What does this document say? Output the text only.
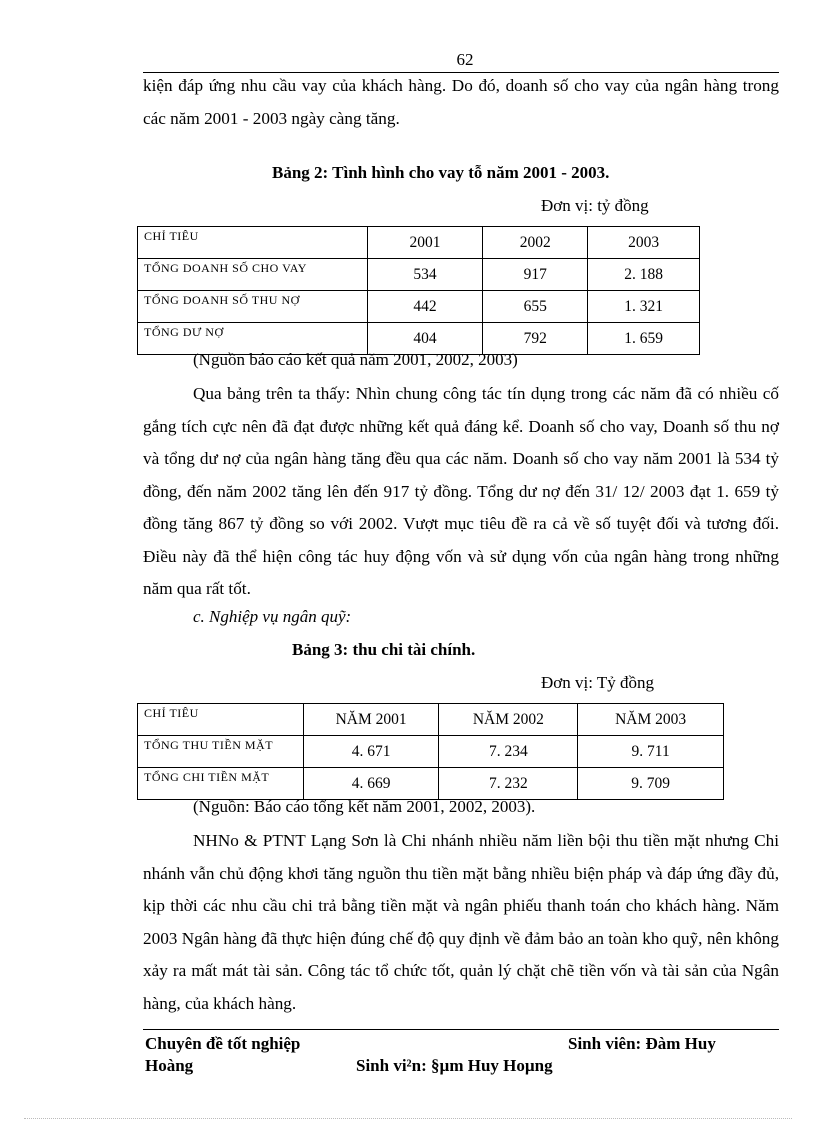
62

kiện đáp ứng nhu cầu vay của khách hàng. Do đó, doanh số cho vay của ngân hàng trong các năm 2001 - 2003 ngày càng tăng.

Bảng 2: Tình hình cho vay tỗ năm 2001 - 2003.
Đơn vị: tỷ đồng
CHỈ TIÊU	2001	2002	2003
TỔNG DOANH SỐ CHO VAY	534	917	2. 188
TỔNG DOANH SỐ THU NỢ	442	655	1. 321
TỔNG DƯ NỢ	404	792	1. 659
(Nguồn báo cáo kết quả năm 2001, 2002, 2003)
Qua bảng trên ta thấy: Nhìn chung công tác tín dụng trong các năm đã có nhiều cố gắng tích cực nên đã đạt được những kết quả đáng kể. Doanh số cho vay, Doanh số thu nợ và tổng dư nợ của ngân hàng tăng đều qua các năm. Doanh số cho vay năm 2001 là 534 tỷ đồng, đến năm 2002 tăng lên đến 917 tỷ đồng. Tổng dư nợ đến 31/ 12/ 2003 đạt 1. 659 tỷ đồng tăng 867 tỷ đồng so với 2002. Vượt mục tiêu đề ra cả về số tuyệt đối và tương đối. Điều này đã thể hiện công tác huy động vốn và sử dụng vốn của ngân hàng trong những năm qua rất tốt.
c. Nghiệp vụ ngân quỹ:
Bảng 3: thu chi tài chính.
Đơn vị: Tỷ đồng
CHỈ TIÊU	NĂM 2001	NĂM 2002	NĂM 2003
TỔNG THU TIỀN MẶT	4. 671	7. 234	9. 711
TỔNG CHI TIỀN MẶT	4. 669	7. 232	9. 709
(Nguồn: Báo cáo tổng kết năm 2001, 2002, 2003).
NHNo & PTNT Lạng Sơn là Chi nhánh nhiều năm liền bội thu tiền mặt nhưng Chi nhánh vẫn chủ động khơi tăng nguồn thu tiền mặt bằng nhiều biện pháp và đáp ứng đầy đủ, kịp thời các nhu cầu chi trả bằng tiền mặt và ngân phiếu thanh toán cho khách hàng. Năm 2003 Ngân hàng đã thực hiện đúng chế độ quy định về đảm bảo an toàn kho quỹ, nên không xảy ra mất mát tài sản. Công tác tổ chức tốt, quản lý chặt chẽ tiền vốn và tài sản của Ngân hàng, của khách hàng.
Chuyên đề tốt nghiệp	Sinh viên: Đàm Huy
Hoàng	Sinh vi²n: §µm Huy Hoµng
